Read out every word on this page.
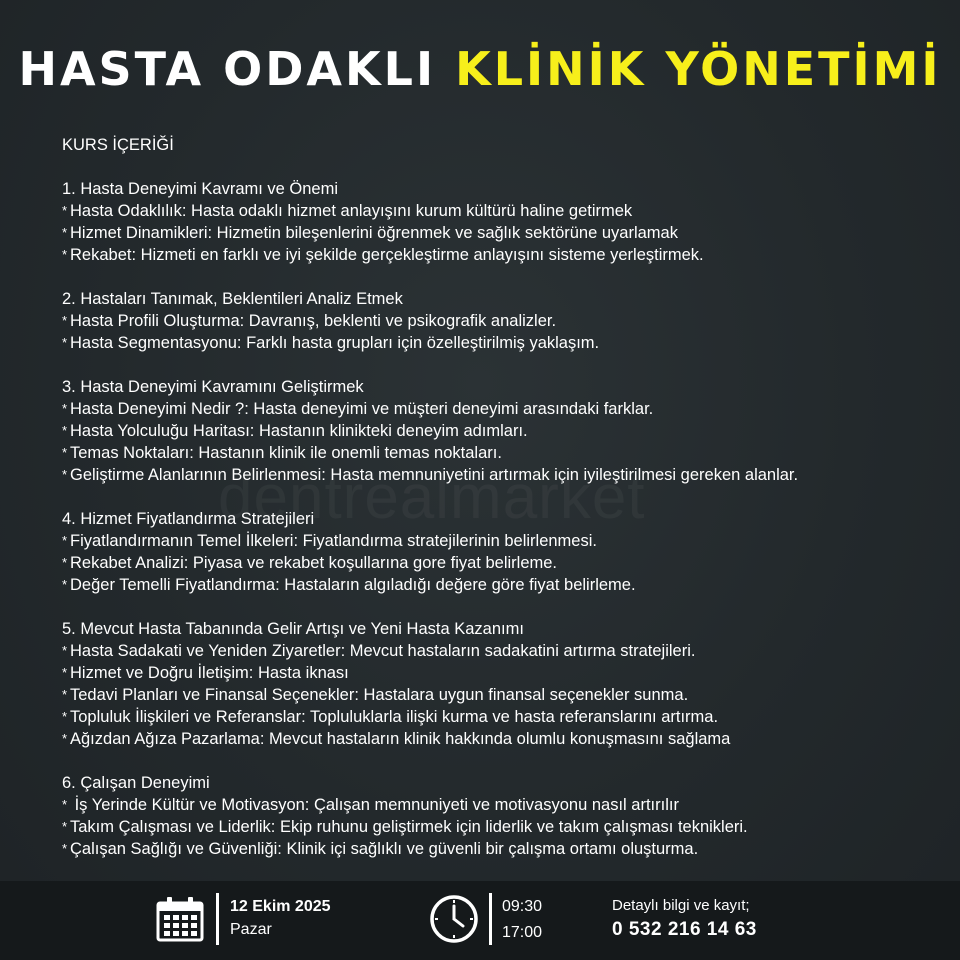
HASTA ODAKLI KLİNİK YÖNETİMİ
KURS İÇERİĞİ
1. Hasta Deneyimi Kavramı ve Önemi
* Hasta Odaklılık: Hasta odaklı hizmet anlayışını kurum kültürü haline getirmek
* Hizmet Dinamikleri: Hizmetin bileşenlerini öğrenmek ve sağlık sektörüne uyarlamak
* Rekabet: Hizmeti en farklı ve iyi şekilde gerçekleştirme anlayışını sisteme yerleştirmek.
2. Hastaları Tanımak, Beklentileri Analiz Etmek
* Hasta Profili Oluşturma: Davranış, beklenti ve psikografik analizler.
* Hasta Segmentasyonu: Farklı hasta grupları için özelleştirilmiş yaklaşım.
3. Hasta Deneyimi Kavramını Geliştirmek
* Hasta Deneyimi Nedir ?: Hasta deneyimi ve müşteri deneyimi arasındaki farklar.
* Hasta Yolculuğu Haritası: Hastanın klinikteki deneyim adımları.
* Temas Noktaları: Hastanın klinik ile onemli temas noktaları.
* Geliştirme Alanlarının Belirlenmesi: Hasta memnuniyetini artırmak için iyileştirilmesi gereken alanlar.
4. Hizmet Fiyatlandırma Stratejileri
* Fiyatlandırmanın Temel İlkeleri: Fiyatlandırma stratejilerinin belirlenmesi.
* Rekabet Analizi: Piyasa ve rekabet koşullarına gore fiyat belirleme.
* Değer Temelli Fiyatlandırma: Hastaların algıladığı değere göre fiyat belirleme.
5. Mevcut Hasta Tabanında Gelir Artışı ve Yeni Hasta Kazanımı
* Hasta Sadakati ve Yeniden Ziyaretler: Mevcut hastaların sadakatini artırma stratejileri.
* Hizmet ve Doğru İletişim: Hasta iknası
* Tedavi Planları ve Finansal Seçenekler: Hastalara uygun finansal seçenekler sunma.
* Topluluk İlişkileri ve Referanslar: Topluluklarla ilişki kurma ve hasta referanslarını artırma.
* Ağızdan Ağıza Pazarlama: Mevcut hastaların klinik hakkında olumlu konuşmasını sağlama
6. Çalışan Deneyimi
* İş Yerinde Kültür ve Motivasyon: Çalışan memnuniyeti ve motivasyonu nasıl artırılır
* Takım Çalışması ve Liderlik: Ekip ruhunu geliştirmek için liderlik ve takım çalışması teknikleri.
* Çalışan Sağlığı ve Güvenliği: Klinik içi sağlıklı ve güvenli bir çalışma ortamı oluşturma.
12 Ekim 2025
Pazar
09:30
17:00
Detaylı bilgi ve kayıt;
0 532 216 14 63
